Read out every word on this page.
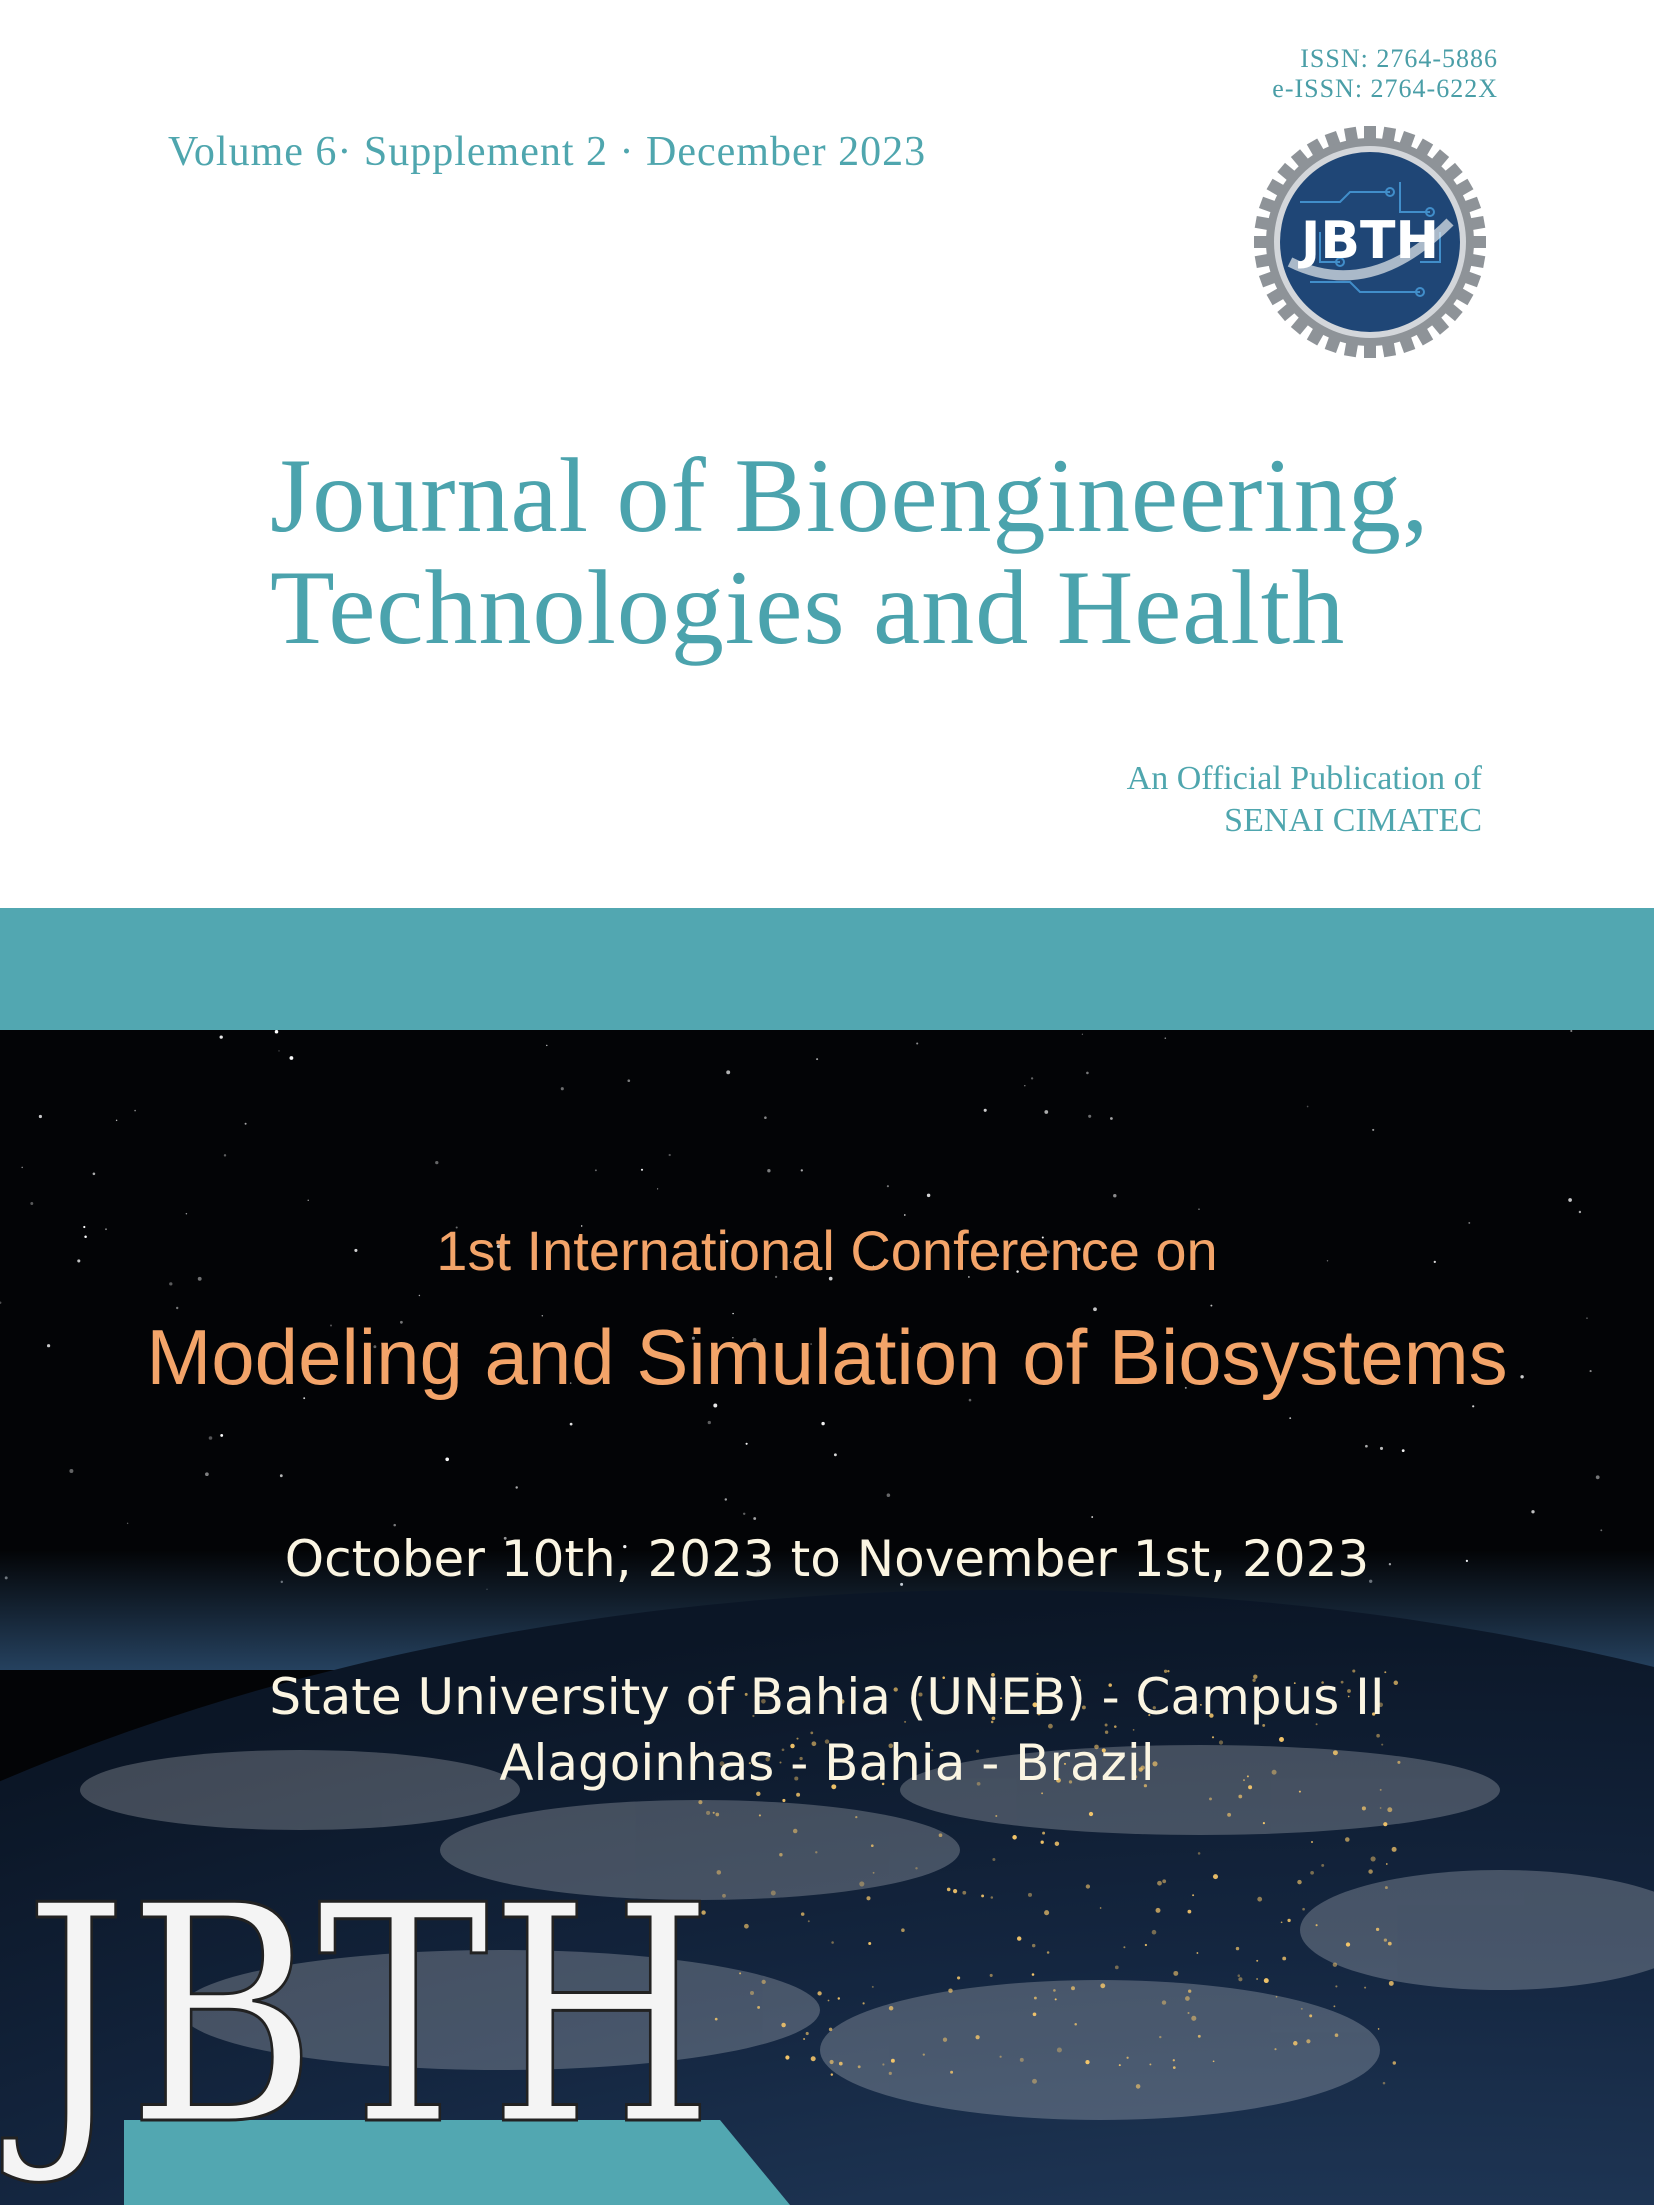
ISSN: 2764-5886
e-ISSN: 2764-622X
Volume 6· Supplement 2 · December 2023
JBTH
Journal of Bioengineering,
Technologies and Health
An Official Publication of
SENAI CIMATEC
1st International Conference on
Modeling and Simulation of Biosystems
October 10th, 2023 to November 1st, 2023
State University of Bahia (UNEB) - Campus II
Alagoinhas - Bahia - Brazil
JBTH
